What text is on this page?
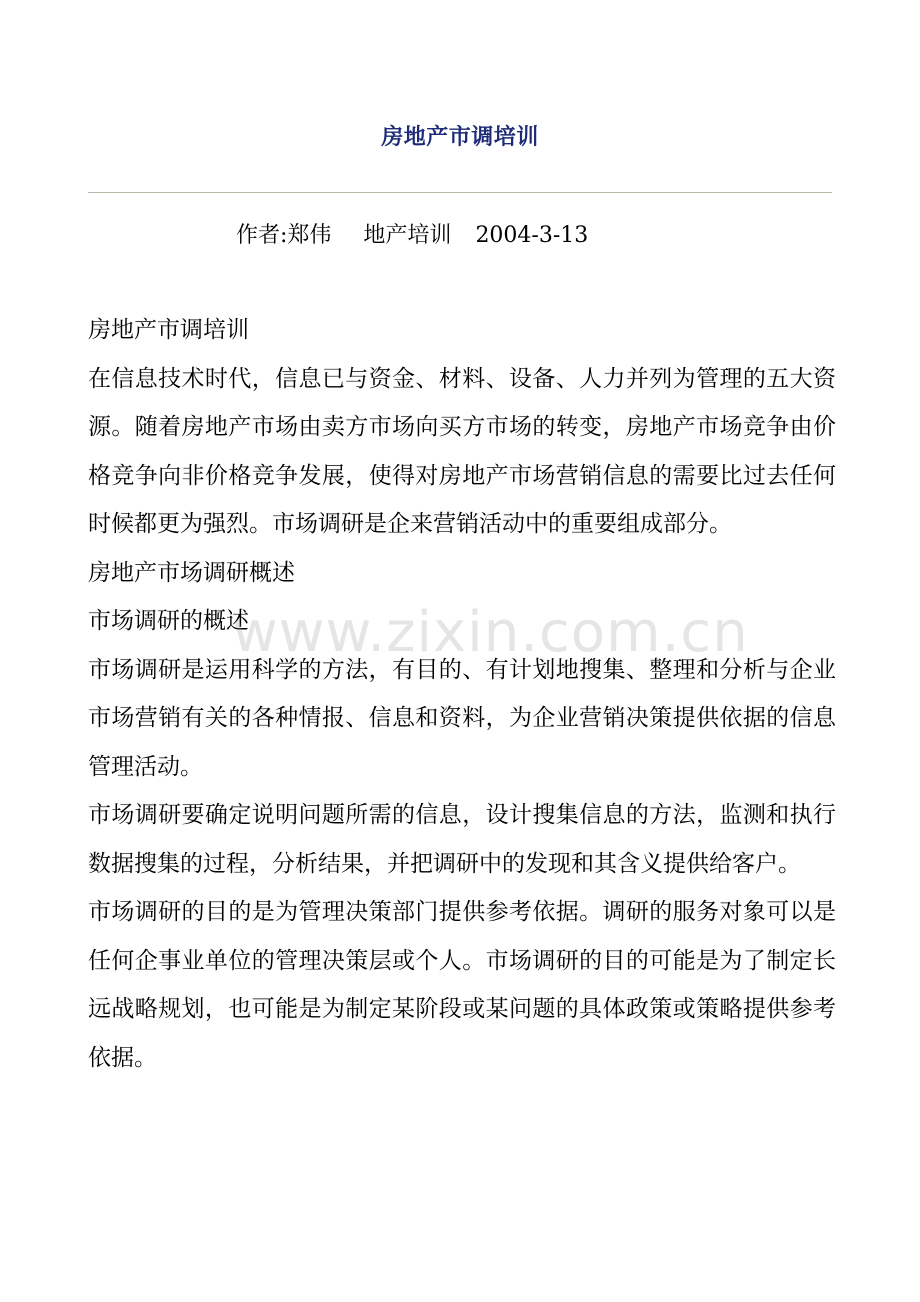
房地产市调培训
作者:郑伟 地产培训 2004-3-13

房地产市调培训

在信息技术时代，信息已与资金、材料、设备、人力并列为管理的五大资源。随着房地产市场由卖方市场向买方市场的转变，房地产市场竞争由价格竞争向非价格竞争发展，使得对房地产市场营销信息的需要比过去任何时候都更为强烈。市场调研是企来营销活动中的重要组成部分。

房地产市场调研概述

市场调研的概述

市场调研是运用科学的方法，有目的、有计划地搜集、整理和分析与企业市场营销有关的各种情报、信息和资料，为企业营销决策提供依据的信息管理活动。

市场调研要确定说明问题所需的信息，设计搜集信息的方法，监测和执行数据搜集的过程，分析结果，并把调研中的发现和其含义提供给客户。

市场调研的目的是为管理决策部门提供参考依据。调研的服务对象可以是任何企事业单位的管理决策层或个人。市场调研的目的可能是为了制定长远战略规划，也可能是为制定某阶段或某问题的具体政策或策略提供参考依据。

www.zixin.com.cn
